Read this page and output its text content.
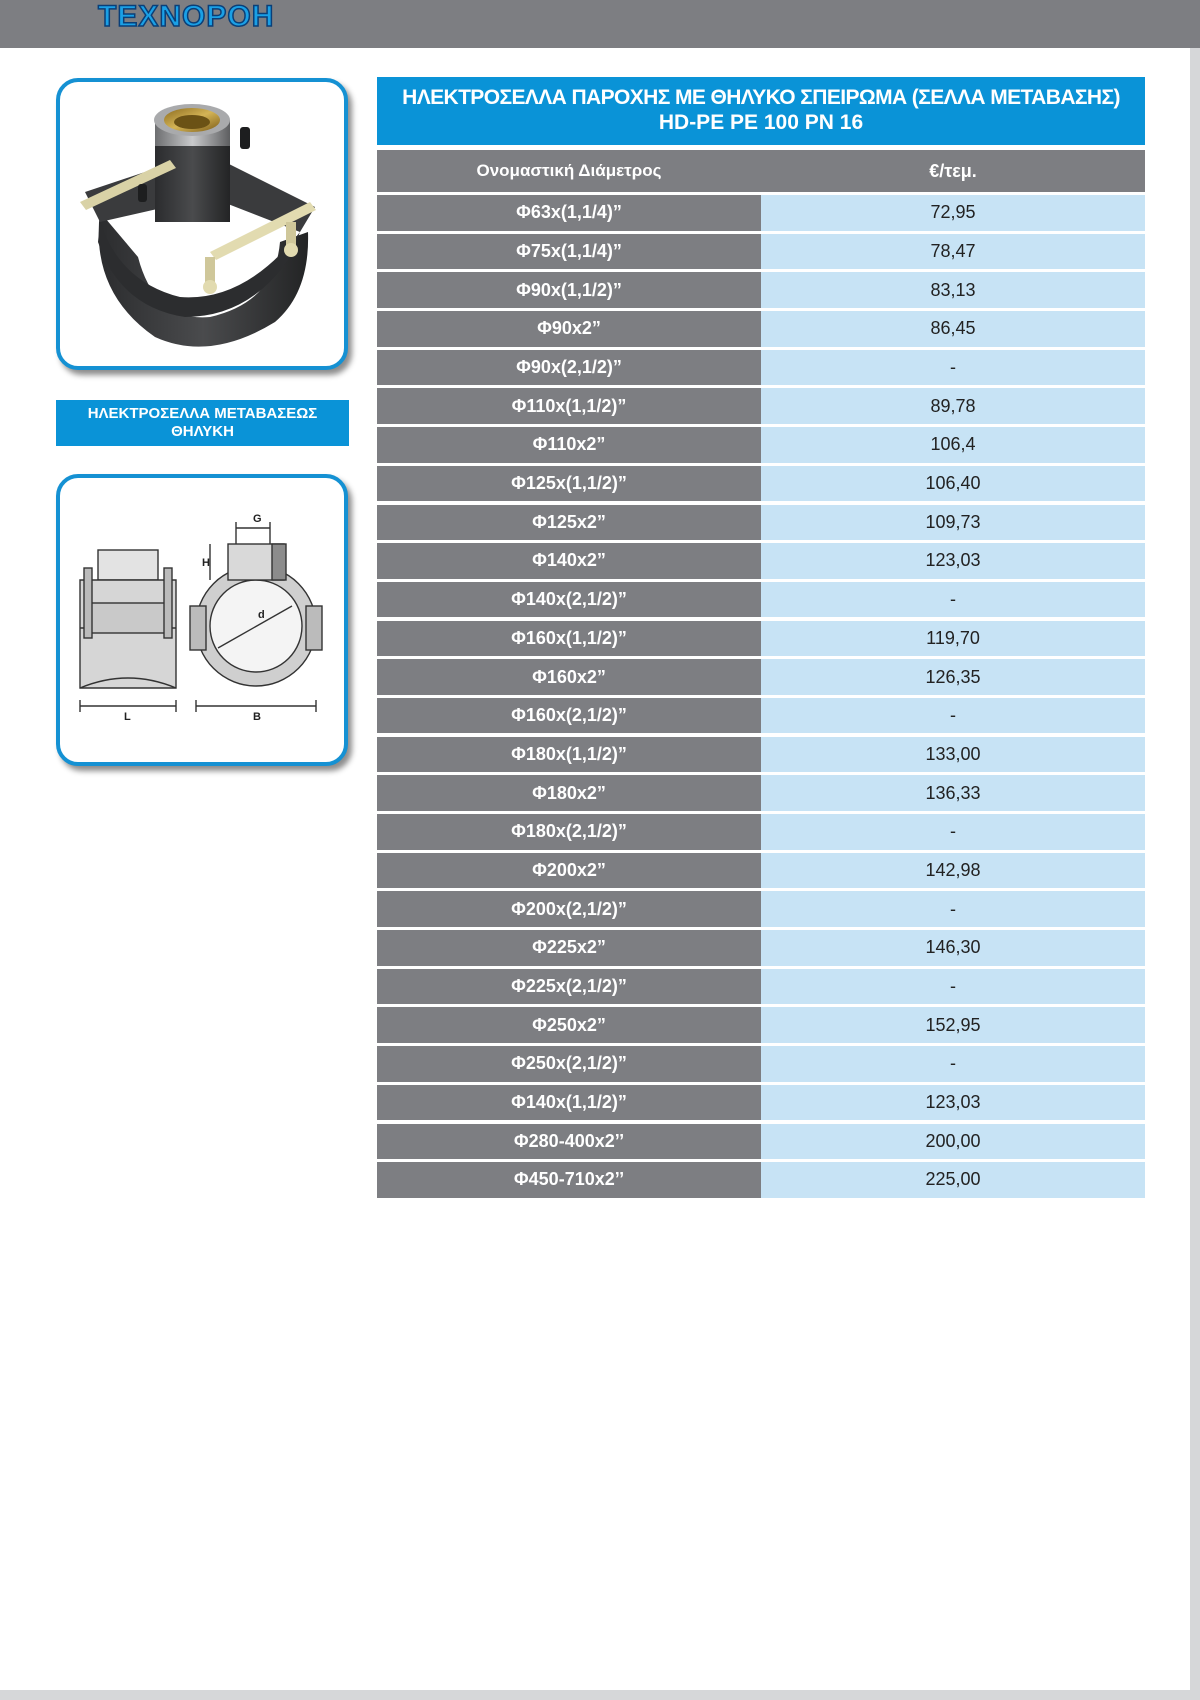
ΤΕΧΝΟΡΟΗ
ΗΛΕΚΤΡΟΣΕΛΛΑ ΜΕΤΑΒΑΣΕΩΣ
ΘΗΛΥΚΗ
G
H
d
L	B
ΗΛΕΚΤΡΟΣΕΛΛΑ ΠΑΡΟΧΗΣ ΜΕ ΘΗΛΥΚΟ ΣΠΕΙΡΩΜΑ (ΣΕΛΛΑ ΜΕΤΑΒΑΣΗΣ)
HD-PE PE 100 PN 16
Ονομαστική Διάμετρος	€/τεμ.
Φ63x(1,1/4)”	72,95
Φ75x(1,1/4)”	78,47
Φ90x(1,1/2)”	83,13
Φ90x2”	86,45
Φ90x(2,1/2)”	-
Φ110x(1,1/2)”	89,78
Φ110x2”	106,4
Φ125x(1,1/2)”	106,40
Φ125x2”	109,73
Φ140x2”	123,03
Φ140x(2,1/2)”	-
Φ160x(1,1/2)”	119,70
Φ160x2”	126,35
Φ160x(2,1/2)”	-
Φ180x(1,1/2)”	133,00
Φ180x2”	136,33
Φ180x(2,1/2)”	-
Φ200x2”	142,98
Φ200x(2,1/2)”	-
Φ225x2”	146,30
Φ225x(2,1/2)”	-
Φ250x2”	152,95
Φ250x(2,1/2)”	-
Φ140x(1,1/2)”	123,03
Φ280-400x2’’	200,00
Φ450-710x2’’	225,00
